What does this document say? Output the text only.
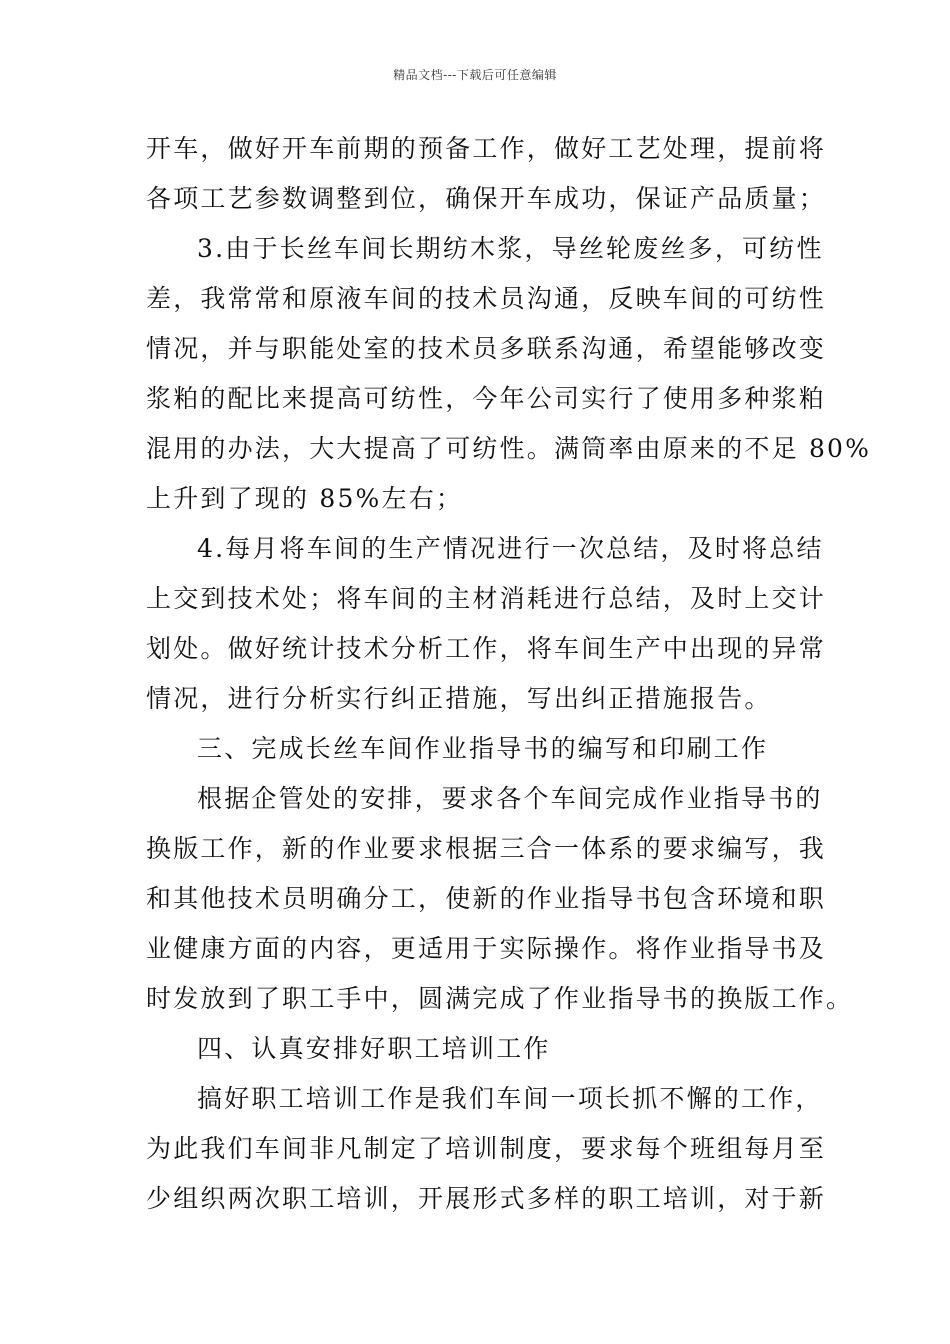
精品文档---下载后可任意编辑
开车，做好开车前期的预备工作，做好工艺处理，提前将
各项工艺参数调整到位，确保开车成功，保证产品质量；
3.由于长丝车间长期纺木浆，导丝轮废丝多，可纺性
差，我常常和原液车间的技术员沟通，反映车间的可纺性
情况，并与职能处室的技术员多联系沟通，希望能够改变
浆粕的配比来提高可纺性，今年公司实行了使用多种浆粕
混用的办法，大大提高了可纺性。满筒率由原来的不足 80%
上升到了现的 85%左右；
4.每月将车间的生产情况进行一次总结，及时将总结
上交到技术处；将车间的主材消耗进行总结，及时上交计
划处。做好统计技术分析工作，将车间生产中出现的异常
情况，进行分析实行纠正措施，写出纠正措施报告。
三、完成长丝车间作业指导书的编写和印刷工作
根据企管处的安排，要求各个车间完成作业指导书的
换版工作，新的作业要求根据三合一体系的要求编写，我
和其他技术员明确分工，使新的作业指导书包含环境和职
业健康方面的内容，更适用于实际操作。将作业指导书及
时发放到了职工手中，圆满完成了作业指导书的换版工作。
四、认真安排好职工培训工作
搞好职工培训工作是我们车间一项长抓不懈的工作，
为此我们车间非凡制定了培训制度，要求每个班组每月至
少组织两次职工培训，开展形式多样的职工培训，对于新
